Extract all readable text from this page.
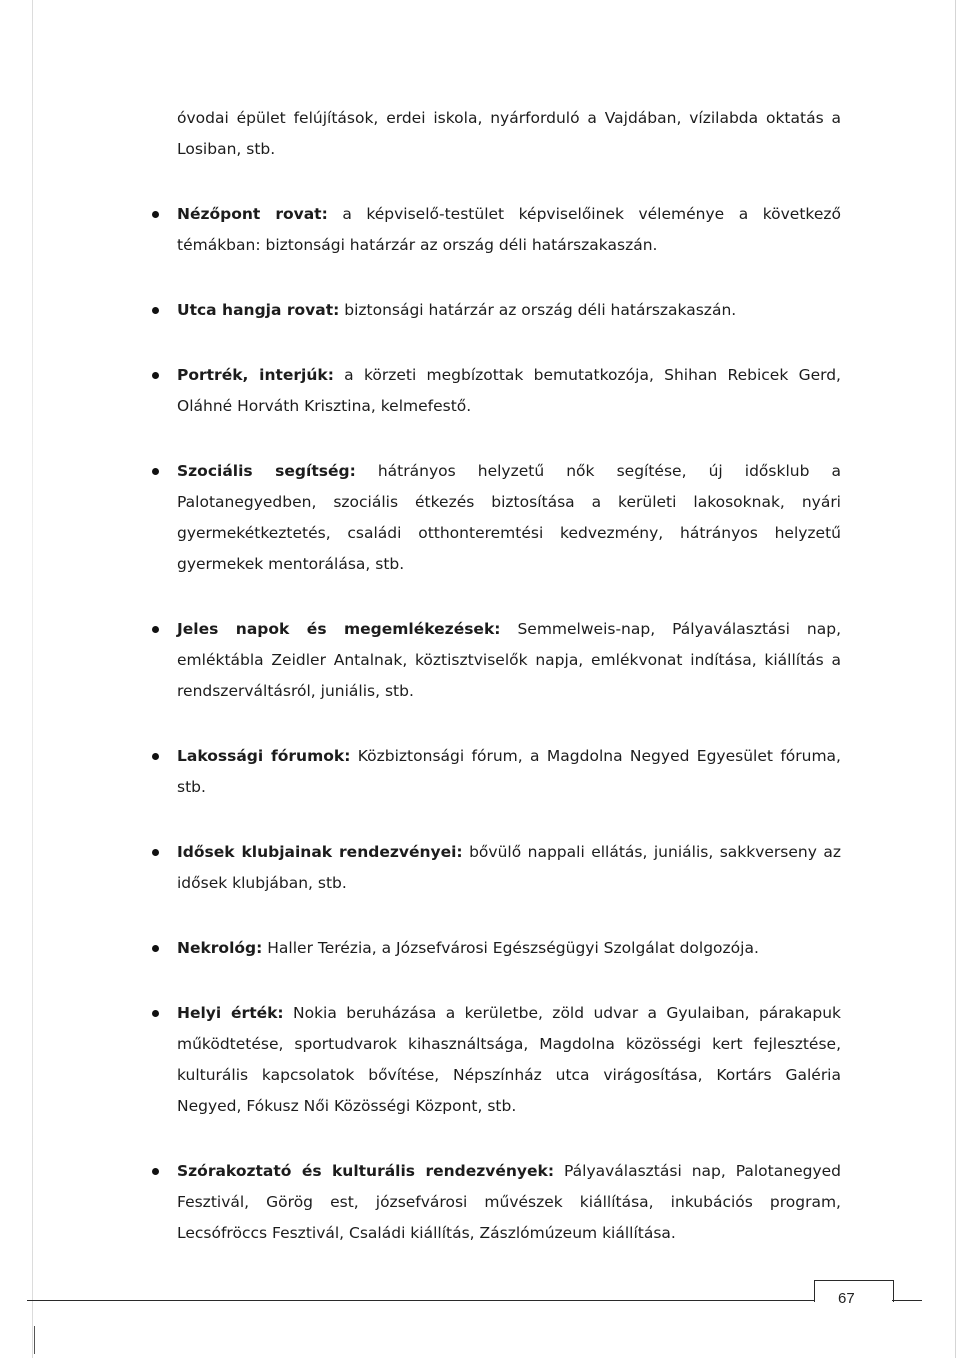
óvodai épület felújítások, erdei iskola, nyárforduló a Vajdában, vízilabda oktatás a Losiban, stb.

Nézőpont rovat: a képviselő-testület képviselőinek véleménye a következő témákban: biztonsági határzár az ország déli határszakaszán.
Utca hangja rovat: biztonsági határzár az ország déli határszakaszán.
Portrék, interjúk: a körzeti megbízottak bemutatkozója, Shihan Rebicek Gerd, Oláhné Horváth Krisztina, kelmefestő.
Szociális segítség: hátrányos helyzetű nők segítése, új idősklub a Palotanegyedben, szociális étkezés biztosítása a kerületi lakosoknak, nyári gyermekétkeztetés, családi otthonteremtési kedvezmény, hátrányos helyzetű gyermekek mentorálása, stb.
Jeles napok és megemlékezések: Semmelweis-nap, Pályaválasztási nap, emléktábla Zeidler Antalnak, köztisztviselők napja, emlékvonat indítása, kiállítás a rendszerváltásról, juniális, stb.
Lakossági fórumok: Közbiztonsági fórum, a Magdolna Negyed Egyesület fóruma, stb.
Idősek klubjainak rendezvényei: bővülő nappali ellátás, juniális, sakkverseny az idősek klubjában, stb.
Nekrológ: Haller Terézia, a Józsefvárosi Egészségügyi Szolgálat dolgozója.
Helyi érték: Nokia beruházása a kerületbe, zöld udvar a Gyulaiban, párakapuk működtetése, sportudvarok kihasználtsága, Magdolna közösségi kert fejlesztése, kulturális kapcsolatok bővítése, Népszínház utca virágosítása, Kortárs Galéria Negyed, Fókusz Női Közösségi Központ, stb.
Szórakoztató és kulturális rendezvények: Pályaválasztási nap, Palotanegyed Fesztivál, Görög est, józsefvárosi művészek kiállítása, inkubációs program, Lecsófröccs Fesztivál, Családi kiállítás, Zászlómúzeum kiállítása.
67
